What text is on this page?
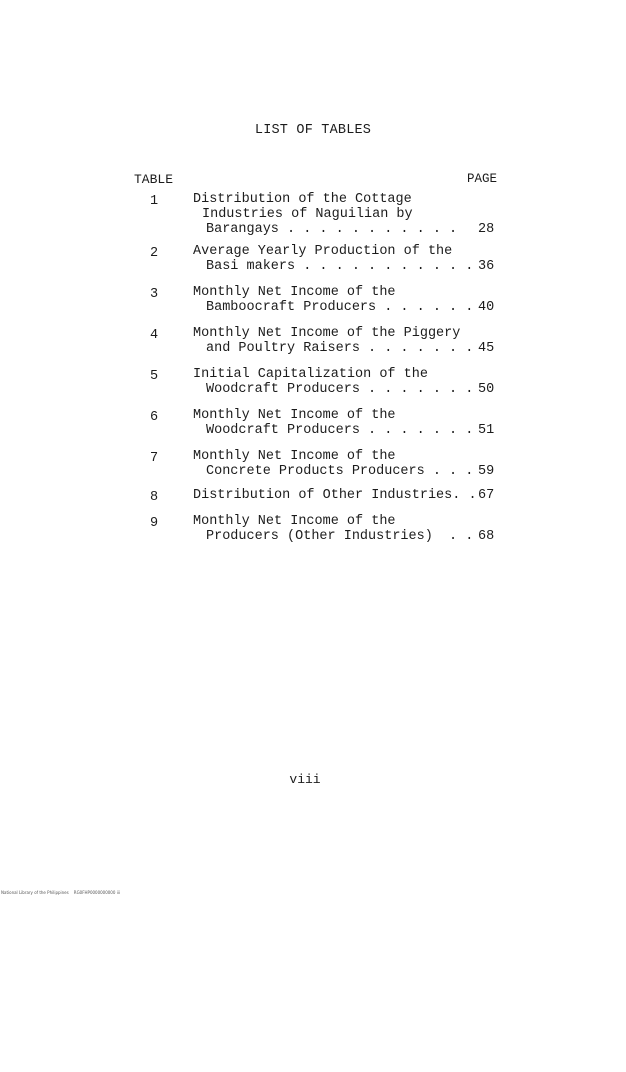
LIST OF TABLES
TABLE	PAGE
1	Distribution of the Cottage
Industries of Naguilian by
Barangays . . . . . . . . . . . 28
2	Average Yearly Production of the
Basi makers . . . . . . . . . . . 36
3	Monthly Net Income of the
Bamboocraft Producers . . . . . . 40
4	Monthly Net Income of the Piggery
and Poultry Raisers . . . . . . . 45
5	Initial Capitalization of the
Woodcraft Producers . . . . . . . 50
6	Monthly Net Income of the
Woodcraft Producers . . . . . . . 51
7	Monthly Net Income of the
Concrete Products Producers . . . 59
8	Distribution of Other Industries. . 67
9	Monthly Net Income of the
Producers (Other Industries)  . . 68
viii
National Library of the Philippines    RG0FHP0000000000 iii
